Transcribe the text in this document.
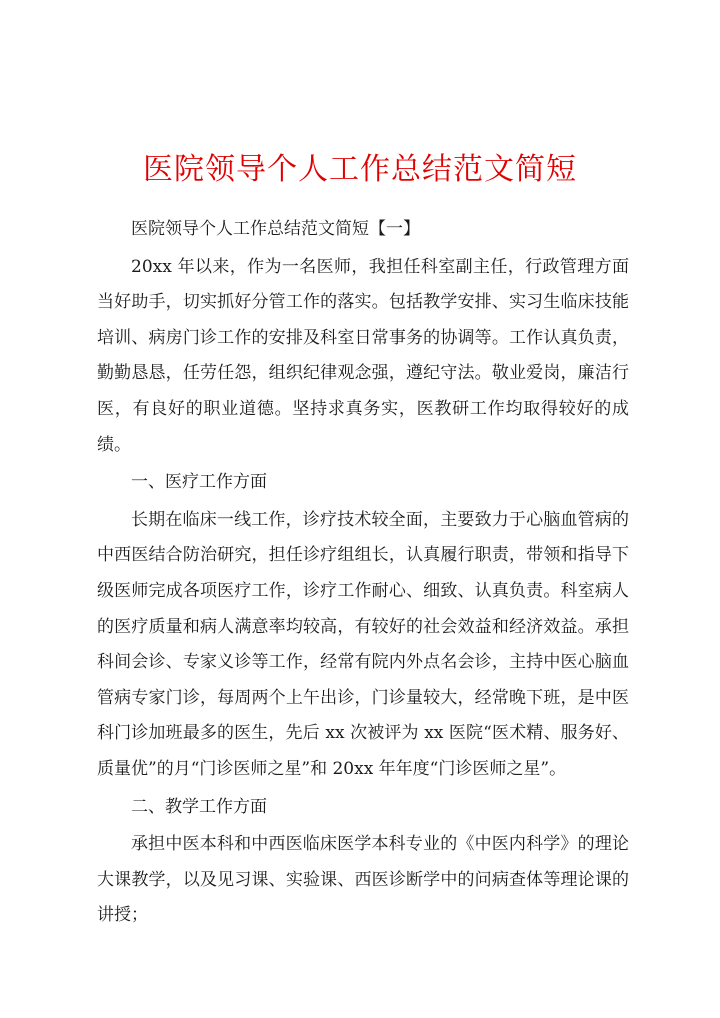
医院领导个人工作总结范文简短

医院领导个人工作总结范文简短【一】

20xx 年以来，作为一名医师，我担任科室副主任，行政管理方面当好助手，切实抓好分管工作的落实。包括教学安排、实习生临床技能培训、病房门诊工作的安排及科室日常事务的协调等。工作认真负责，勤勤恳恳，任劳任怨，组织纪律观念强，遵纪守法。敬业爱岗，廉洁行医，有良好的职业道德。坚持求真务实，医教研工作均取得较好的成绩。

一、医疗工作方面

长期在临床一线工作，诊疗技术较全面，主要致力于心脑血管病的中西医结合防治研究，担任诊疗组组长，认真履行职责，带领和指导下级医师完成各项医疗工作，诊疗工作耐心、细致、认真负责。科室病人的医疗质量和病人满意率均较高，有较好的社会效益和经济效益。承担科间会诊、专家义诊等工作，经常有院内外点名会诊，主持中医心脑血管病专家门诊，每周两个上午出诊，门诊量较大，经常晚下班，是中医科门诊加班最多的医生，先后 xx 次被评为 xx 医院“医术精、服务好、质量优”的月“门诊医师之星”和 20xx 年年度“门诊医师之星”。

二、教学工作方面

承担中医本科和中西医临床医学本科专业的《中医内科学》的理论大课教学，以及见习课、实验课、西医诊断学中的问病查体等理论课的讲授；
